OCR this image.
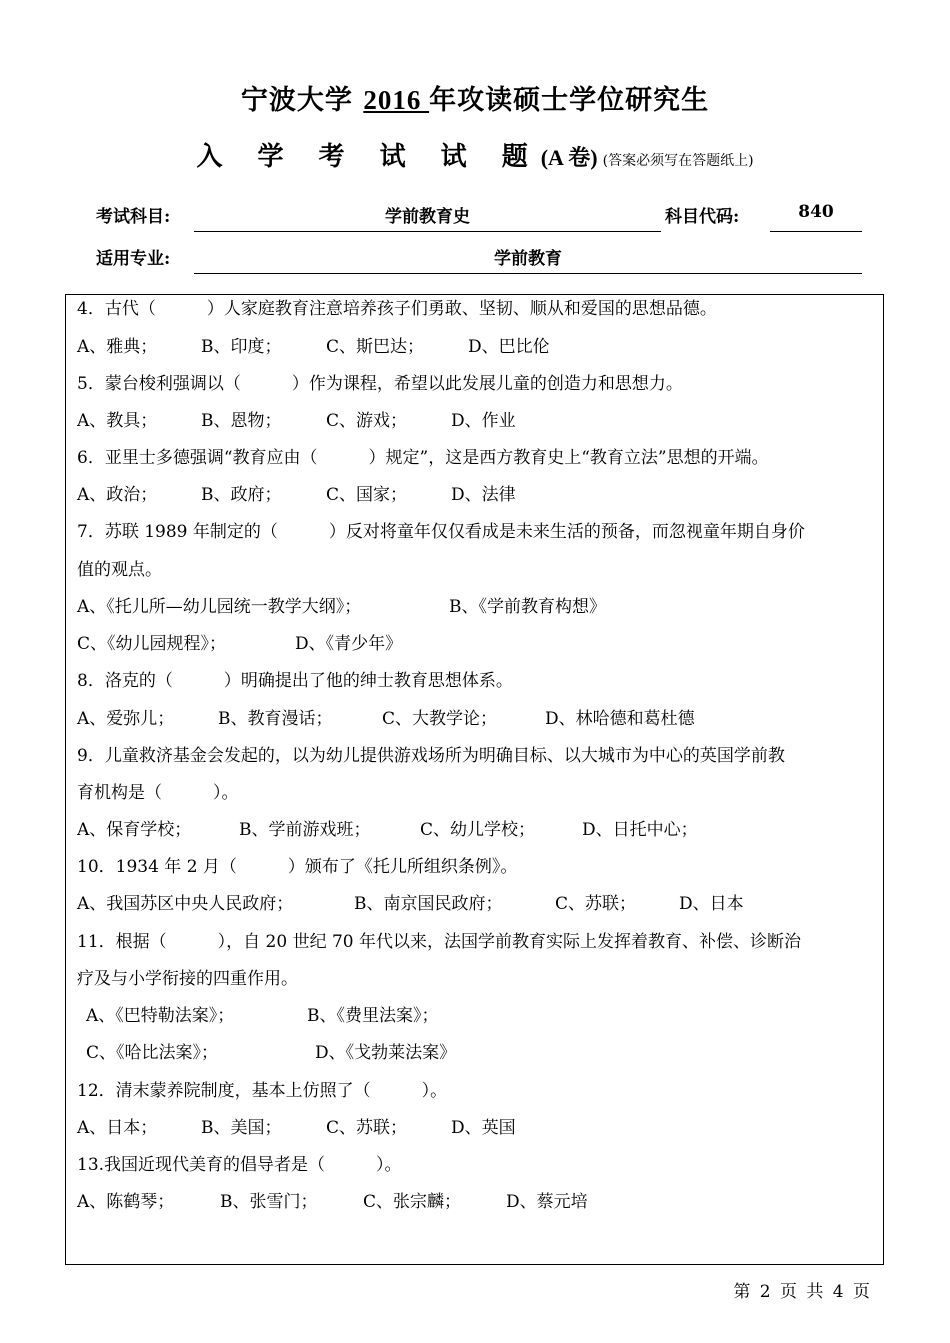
宁波大学 2016 年攻读硕士学位研究生
入 学 考 试 试 题(A 卷) (答案必须写在答题纸上)
考试科目:	学前教育史	科目代码:	840
适用专业:	学前教育
4．古代（　　　）人家庭教育注意培养孩子们勇敢、坚韧、顺从和爱国的思想品德。
A、雅典；	B、印度；	C、斯巴达；	D、巴比伦
5．蒙台梭利强调以（　　　）作为课程，希望以此发展儿童的创造力和思想力。
A、教具；	B、恩物；	C、游戏；	D、作业
6．亚里士多德强调“教育应由（　　　）规定”，这是西方教育史上“教育立法”思想的开端。
A、政治；	B、政府；	C、国家；	D、法律
7．苏联 1989 年制定的（　　　）反对将童年仅仅看成是未来生活的预备，而忽视童年期自身价
值的观点。
A、《托儿所—幼儿园统一教学大纲》；	B、《学前教育构想》
C、《幼儿园规程》；	D、《青少年》
8．洛克的（　　　）明确提出了他的绅士教育思想体系。
A、爱弥儿；	B、教育漫话；	C、大教学论；	D、林哈德和葛杜德
9．儿童救济基金会发起的，以为幼儿提供游戏场所为明确目标、以大城市为中心的英国学前教
育机构是（　　　）。
A、保育学校；	B、学前游戏班；	C、幼儿学校；	D、日托中心；
10．1934 年 2 月（　　　）颁布了《托儿所组织条例》。
A、我国苏区中央人民政府；	B、南京国民政府；	C、苏联；	D、日本
11．根据（　　　），自 20 世纪 70 年代以来，法国学前教育实际上发挥着教育、补偿、诊断治
疗及与小学衔接的四重作用。
A、《巴特勒法案》；	B、《费里法案》；
C、《哈比法案》；	D、《戈勃莱法案》
12．清末蒙养院制度，基本上仿照了（　　　）。
A、日本；	B、美国；	C、苏联；	D、英国
13.我国近现代美育的倡导者是（　　　）。
A、陈鹤琴；	B、张雪门；	C、张宗麟；	D、蔡元培
第 2 页 共 4 页
